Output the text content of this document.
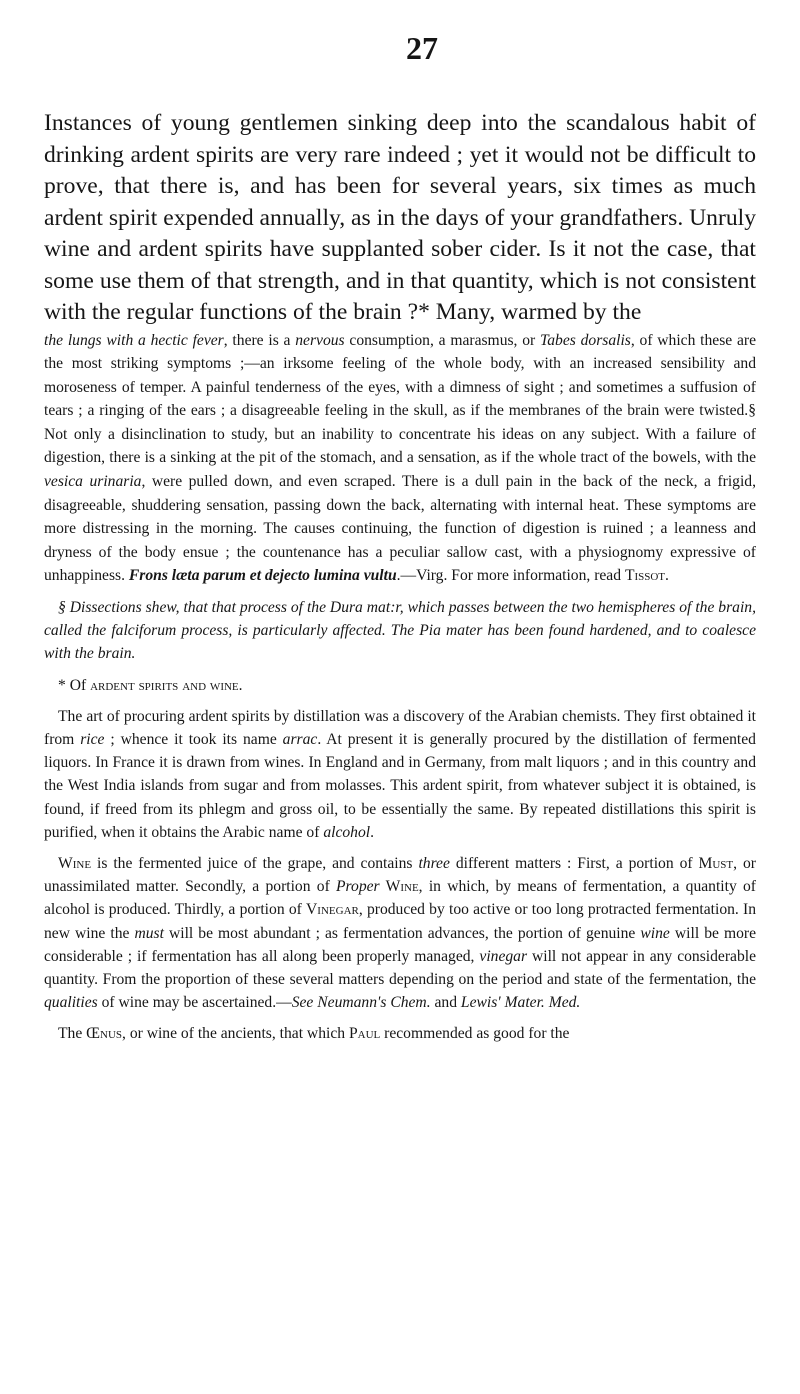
27

Instances of young gentlemen sinking deep into the scandalous habit of drinking ardent spirits are very rare indeed ; yet it would not be difficult to prove, that there is, and has been for several years, six times as much ardent spirit expended annually, as in the days of your grandfathers. Unruly wine and ardent spirits have supplanted sober cider. Is it not the case, that some use them of that strength, and in that quantity, which is not consistent with the regular functions of the brain ?* Many, warmed by the

the lungs with a hectic fever, there is a nervous consumption, a marasmus, or Tabes dorsalis, of which these are the most striking symptoms ;—an irksome feeling of the whole body, with an increased sensibility and moroseness of temper. A painful tenderness of the eyes, with a dimness of sight ; and sometimes a suffusion of tears ; a ringing of the ears ; a disagreeable feeling in the skull, as if the membranes of the brain were twisted.§ Not only a disinclination to study, but an inability to concentrate his ideas on any subject. With a failure of digestion, there is a sinking at the pit of the stomach, and a sensation, as if the whole tract of the bowels, with the vesica urinaria, were pulled down, and even scraped. There is a dull pain in the back of the neck, a frigid, disagreeable, shuddering sensation, passing down the back, alternating with internal heat. These symptoms are more distressing in the morning. The causes continuing, the function of digestion is ruined ; a leanness and dryness of the body ensue ; the countenance has a peculiar sallow cast, with a physiognomy expressive of unhappiness. Frons læta parum et dejecto lumina vultu.—Virg. For more information, read Tissot.

§ Dissections shew, that that process of the Dura mat:r, which passes between the two hemispheres of the brain, called the falciforum process, is particularly affected. The Pia mater has been found hardened, and to coalesce with the brain.

* Of ardent spirits and wine.

The art of procuring ardent spirits by distillation was a discovery of the Arabian chemists. They first obtained it from rice ; whence it took its name arrac. At present it is generally procured by the distillation of fermented liquors. In France it is drawn from wines. In England and in Germany, from malt liquors ; and in this country and the West India islands from sugar and from molasses. This ardent spirit, from whatever subject it is obtained, is found, if freed from its phlegm and gross oil, to be essentially the same. By repeated distillations this spirit is purified, when it obtains the Arabic name of alcohol.

Wine is the fermented juice of the grape, and contains three different matters : First, a portion of Must, or unassimilated matter. Secondly, a portion of Proper Wine, in which, by means of fermentation, a quantity of alcohol is produced. Thirdly, a portion of Vinegar, produced by too active or too long protracted fermentation. In new wine the must will be most abundant ; as fermentation advances, the portion of genuine wine will be more considerable ; if fermentation has all along been properly managed, vinegar will not appear in any considerable quantity. From the proportion of these several matters depending on the period and state of the fermentation, the qualities of wine may be ascertained.—See Neumann's Chem. and Lewis' Mater. Med.

The Œnus, or wine of the ancients, that which Paul recommended as good for the
